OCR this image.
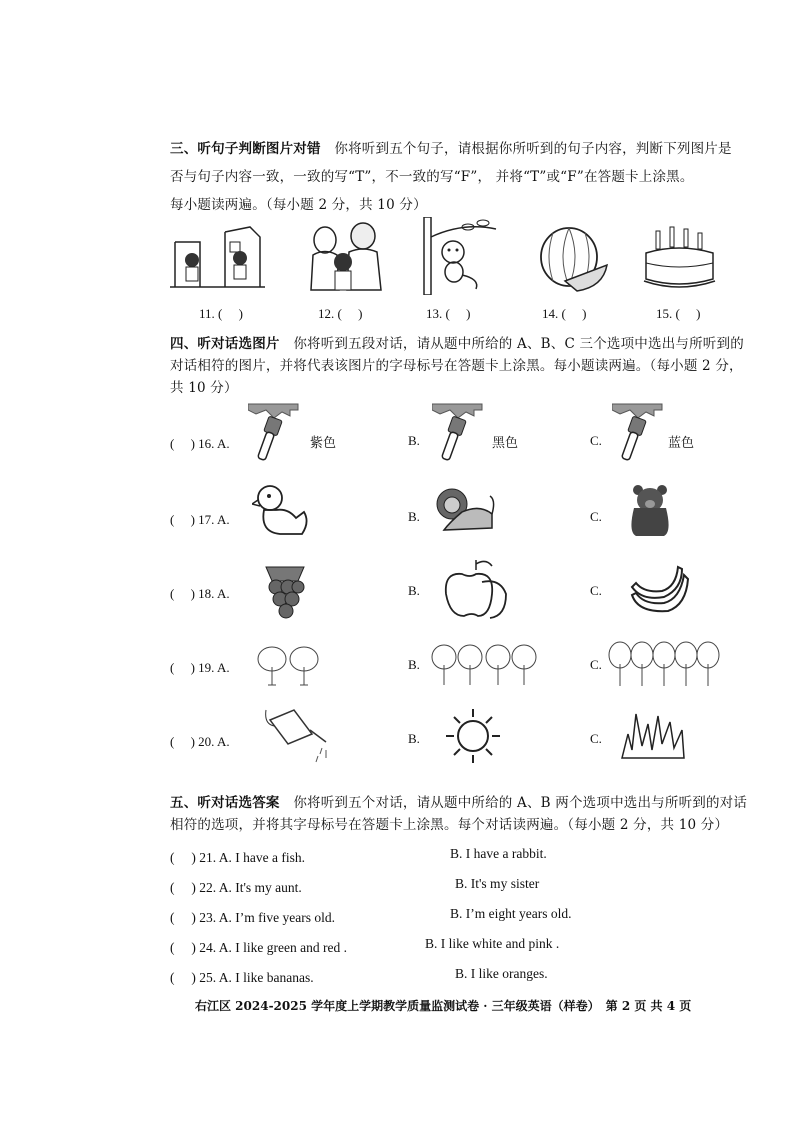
三、听句子判断图片对错　 你将听到五个句子，请根据你所听到的句子内容，判断下列图片是
否与句子内容一致，一致的写“T”，不一致的写“F”， 并将“T”或“F”在答题卡上涂黑。
每小题读两遍。（每小题 2 分，共 10 分）
11. (　 )	12. (　 )	13. (　 )	14. (　 )	15. (　 )
四、听对话选图片　 你将听到五段对话，请从题中所给的 A、B、C 三个选项中选出与所听到的
对话相符的图片，并将代表该图片的字母标号在答题卡上涂黑。每小题读两遍。（每小题 2 分，
共 10 分）
(　 ) 16. A.	B.	C.
紫色	黑色	蓝色
(　 ) 17. A.	B.	C.
(　 ) 18. A.	B.	C.
(　 ) 19. A.	B.	C.
(　 ) 20. A.	B.	C.
五、听对话选答案　 你将听到五个对话，请从题中所给的 A、B 两个选项中选出与所听到的对话
相符的选项，并将其字母标号在答题卡上涂黑。每个对话读两遍。（每小题 2 分，共 10 分）
(　 ) 21. A. I have a fish.	B. I have a rabbit.
(　 ) 22. A. It's my aunt.	B. It's my sister
(　 ) 23. A. I’m five years old.	B. I’m eight years old.
(　 ) 24. A. I like green and red .	B. I like white and pink .
(　 ) 25. A. I like bananas.	B. I like oranges.
右江区 2024-2025 学年度上学期教学质量监测试卷 · 三年级英语（样卷）　第 2 页 共 4 页
